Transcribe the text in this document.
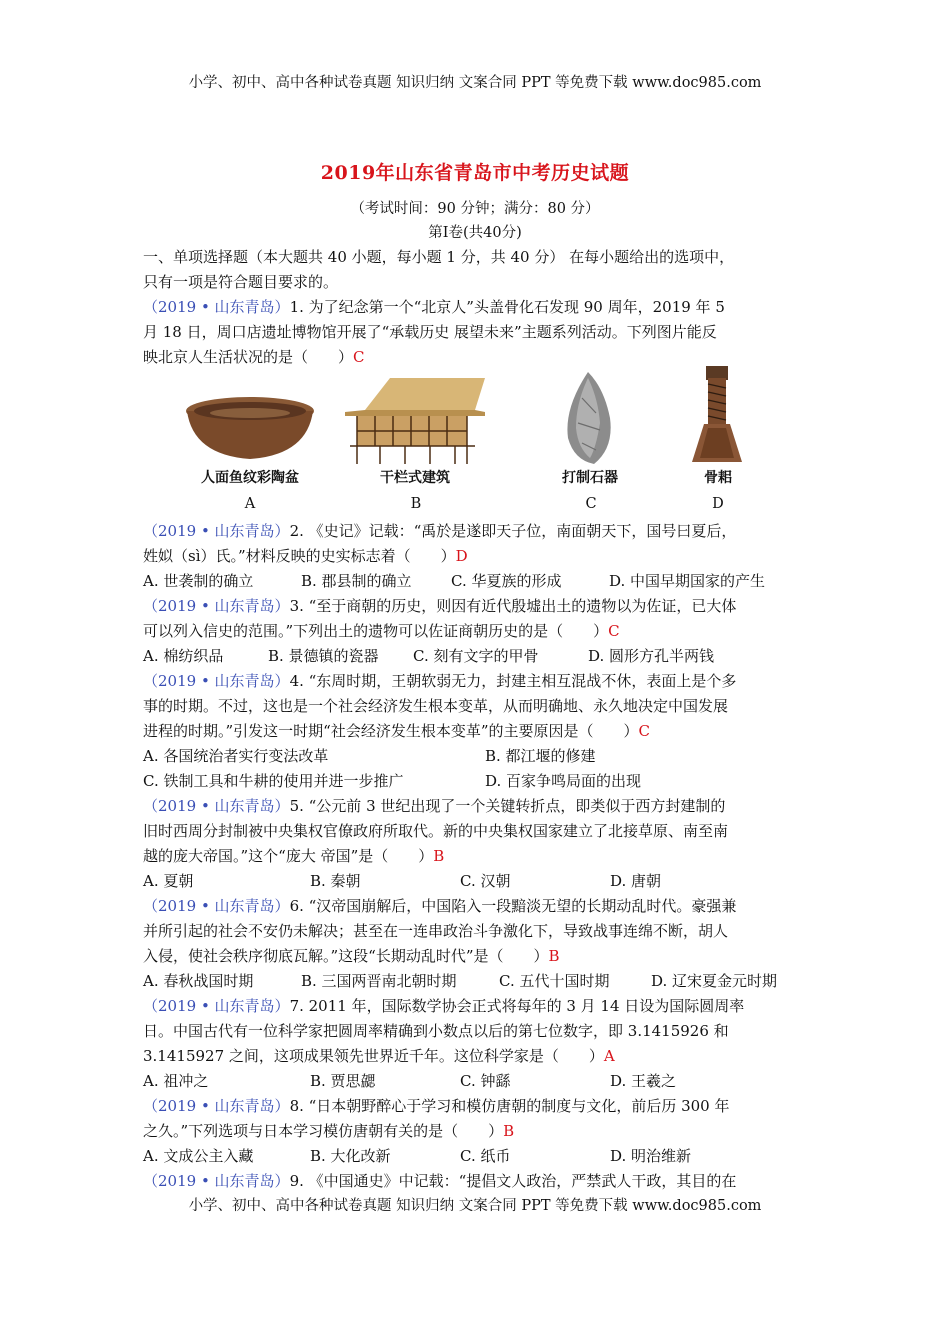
小学、初中、高中各种试卷真题 知识归纳 文案合同 PPT 等免费下载 www.doc985.com
2019年山东省青岛市中考历史试题
（考试时间：90 分钟；满分：80 分）
第Ⅰ卷(共40分)
一、单项选择题（本大题共 40 小题，每小题 1 分，共 40 分） 在每小题给出的选项中，
只有一项是符合题目要求的。
（2019 • 山东青岛）1. 为了纪念第一个“北京人”头盖骨化石发现 90 周年，2019 年 5
月 18 日，周口店遗址博物馆开展了“承载历史 展望未来”主题系列活动。下列图片能反
映北京人生活状况的是（　　）C
人面鱼纹彩陶盆	干栏式建筑	打制石器	骨耜
A	B	C	D
（2019 • 山东青岛）2. 《史记》记载：“禹於是遂即天子位，南面朝天下，国号曰夏后，
姓姒（sì）氏。”材料反映的史实标志着（　　）D
A. 世袭制的确立	B. 郡县制的确立	C. 华夏族的形成	D. 中国早期国家的产生
（2019 • 山东青岛）3. “至于商朝的历史，则因有近代殷墟出土的遗物以为佐证，已大体
可以列入信史的范围。”下列出土的遗物可以佐证商朝历史的是（　　）C
A. 棉纺织品	B. 景德镇的瓷器 C. 刻有文字的甲骨	D. 圆形方孔半两钱
（2019 • 山东青岛）4. “东周时期，王朝软弱无力，封建主相互混战不休，表面上是个多
事的时期。不过，这也是一个社会经济发生根本变革，从而明确地、永久地决定中国发展
进程的时期。”引发这一时期“社会经济发生根本变革”的主要原因是（　　）C
A. 各国统治者实行变法改革	B. 都江堰的修建
C. 铁制工具和牛耕的使用并进一步推广	D. 百家争鸣局面的出现
（2019 • 山东青岛）5. “公元前 3 世纪出现了一个关键转折点，即类似于西方封建制的
旧时西周分封制被中央集权官僚政府所取代。新的中央集权国家建立了北接草原、南至南
越的庞大帝国。”这个“庞大 帝国”是（　　）B
A. 夏朝	B. 秦朝	C. 汉朝	D. 唐朝
（2019 • 山东青岛）6. “汉帝国崩解后，中国陷入一段黯淡无望的长期动乱时代。豪强兼
并所引起的社会不安仍未解决；甚至在一连串政治斗争激化下，导致战事连绵不断，胡人
入侵，使社会秩序彻底瓦解。”这段“长期动乱时代”是（　　）B
A. 春秋战国时期	B. 三国两晋南北朝时期	C. 五代十国时期	D. 辽宋夏金元时期
（2019 • 山东青岛）7. 2011 年，国际数学协会正式将每年的 3 月 14 日设为国际圆周率
日。中国古代有一位科学家把圆周率精确到小数点以后的第七位数字，即 3.1415926 和
3.1415927 之间，这项成果领先世界近千年。这位科学家是（　　）A
A. 祖冲之	B. 贾思勰	C. 钟繇	D. 王羲之
（2019 • 山东青岛）8. “日本朝野醉心于学习和模仿唐朝的制度与文化，前后历 300 年
之久。”下列选项与日本学习模仿唐朝有关的是（　　）B
A. 文成公主入藏	B. 大化改新	C. 纸币	D. 明治维新
（2019 • 山东青岛）9. 《中国通史》中记载：“提倡文人政治，严禁武人干政，其目的在
小学、初中、高中各种试卷真题 知识归纳 文案合同 PPT 等免费下载 www.doc985.com
